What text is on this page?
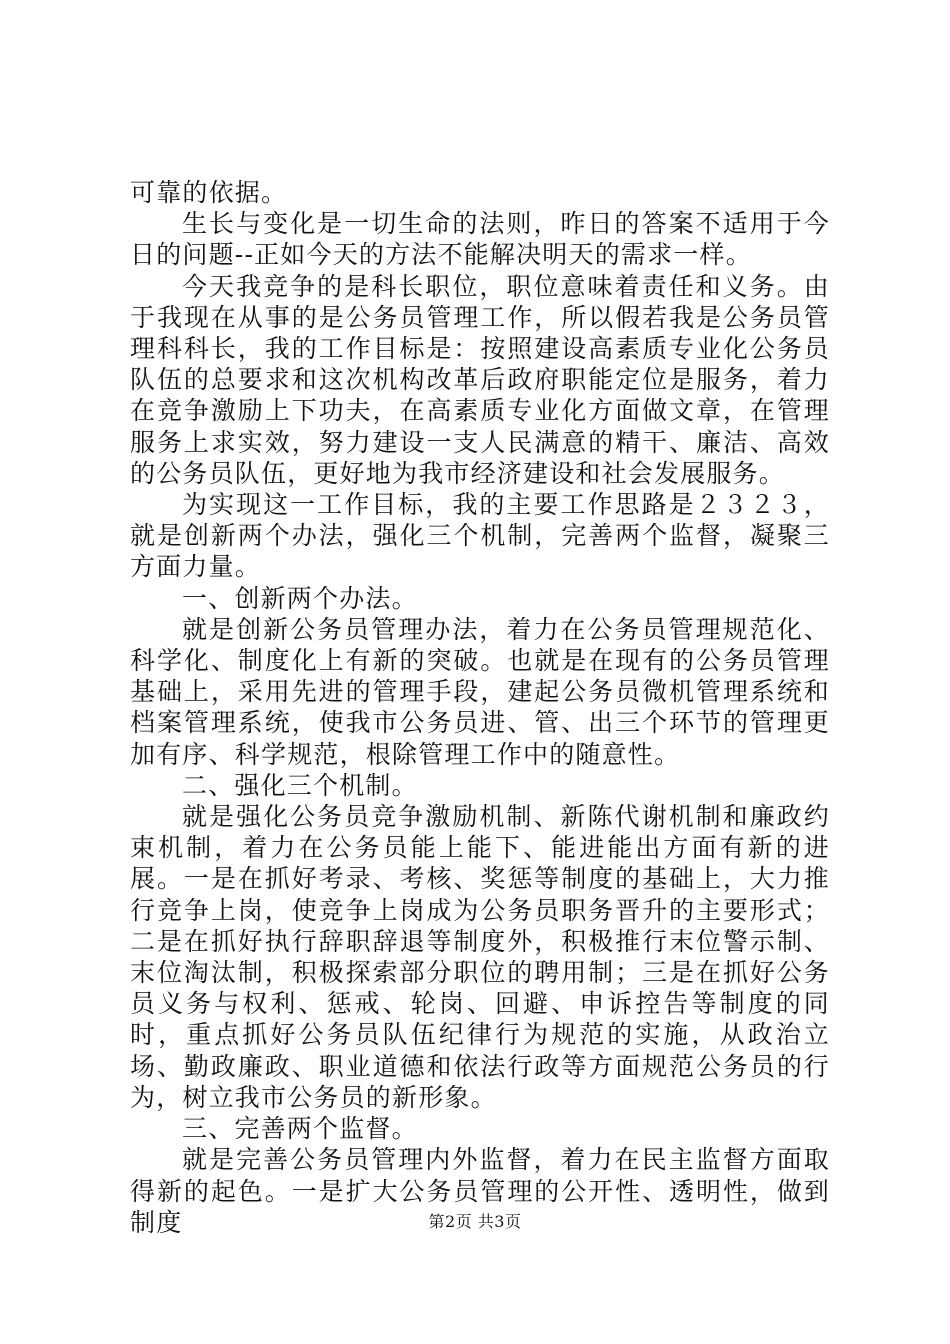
可靠的依据。

生长与变化是一切生命的法则，昨日的答案不适用于今日的问题--正如今天的方法不能解决明天的需求一样。

今天我竞争的是科长职位，职位意味着责任和义务。由于我现在从事的是公务员管理工作，所以假若我是公务员管理科科长，我的工作目标是：按照建设高素质专业化公务员队伍的总要求和这次机构改革后政府职能定位是服务，着力在竞争激励上下功夫，在高素质专业化方面做文章，在管理服务上求实效，努力建设一支人民满意的精干、廉洁、高效的公务员队伍，更好地为我市经济建设和社会发展服务。

为实现这一工作目标，我的主要工作思路是２３２３，就是创新两个办法，强化三个机制，完善两个监督，凝聚三方面力量。

一、创新两个办法。

就是创新公务员管理办法，着力在公务员管理规范化、科学化、制度化上有新的突破。也就是在现有的公务员管理基础上，采用先进的管理手段，建起公务员微机管理系统和档案管理系统，使我市公务员进、管、出三个环节的管理更加有序、科学规范，根除管理工作中的随意性。

二、强化三个机制。

就是强化公务员竞争激励机制、新陈代谢机制和廉政约束机制，着力在公务员能上能下、能进能出方面有新的进展。一是在抓好考录、考核、奖惩等制度的基础上，大力推行竞争上岗，使竞争上岗成为公务员职务晋升的主要形式；二是在抓好执行辞职辞退等制度外，积极推行末位警示制、末位淘汰制，积极探索部分职位的聘用制；三是在抓好公务员义务与权利、惩戒、轮岗、回避、申诉控告等制度的同时，重点抓好公务员队伍纪律行为规范的实施，从政治立场、勤政廉政、职业道德和依法行政等方面规范公务员的行为，树立我市公务员的新形象。

三、完善两个监督。

就是完善公务员管理内外监督，着力在民主监督方面取得新的起色。一是扩大公务员管理的公开性、透明性，做到制度	第2页 共3页
